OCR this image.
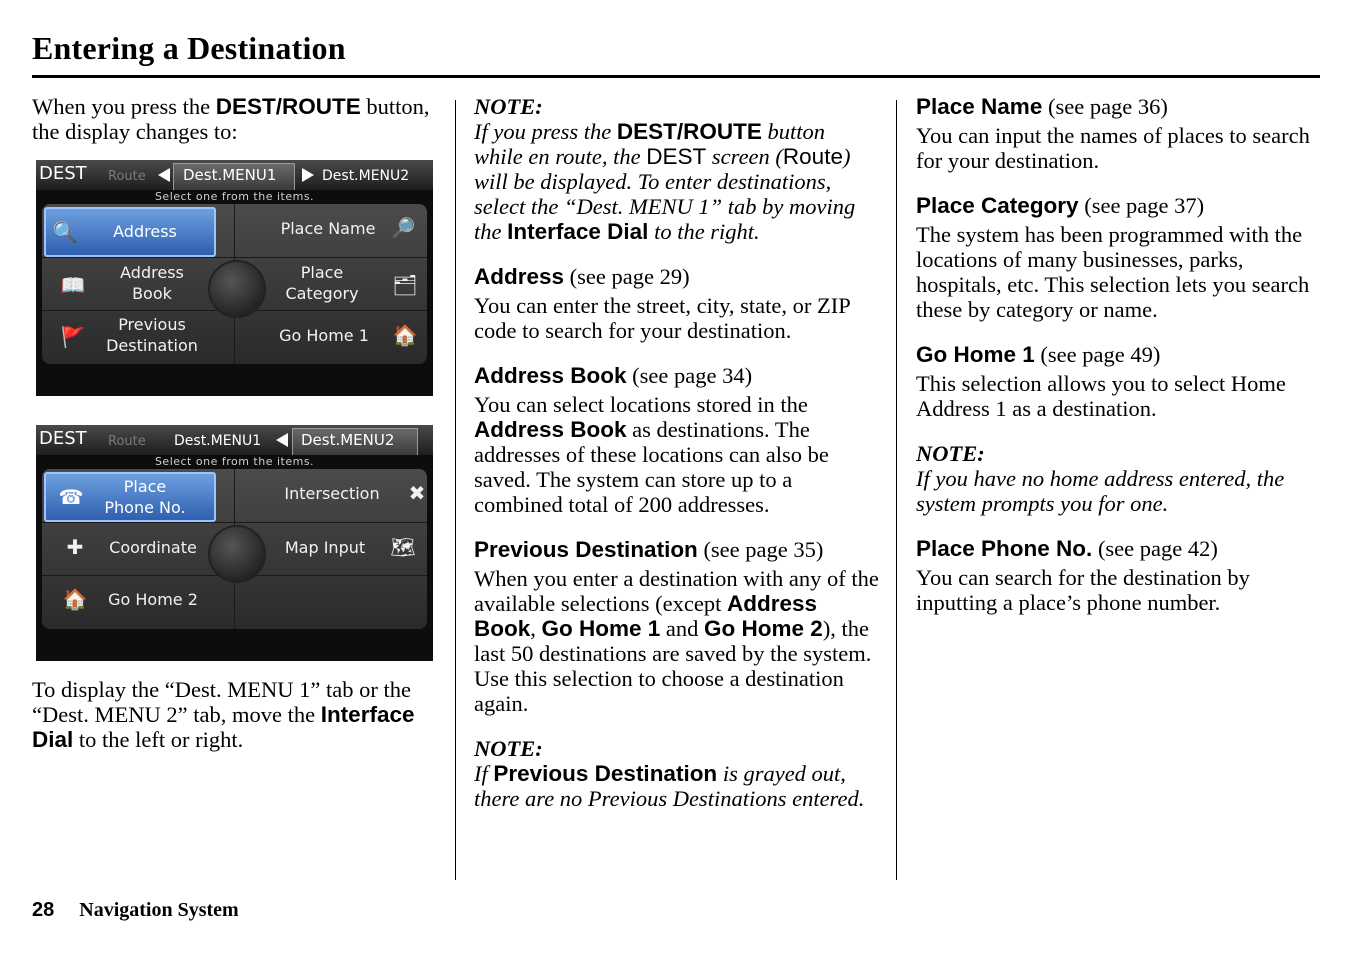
Entering a Destination

When you press the DEST/ROUTE button, the display changes to:

DEST Route Dest.MENU1	Dest.MENU2
Select one from the items.
🔍 Address	Place Name 🔎
📖
Address
Book
Place
Category	🗂
🚩
Previous
Destination
Go Home 1 🏠
DEST Route Dest.MENU1	Dest.MENU2
Select one from the items.
☎	Place
Phone No.
Intersection ✖
✚ Coordinate	Map Input 🗺
🏠 Go Home 2

To display the “Dest. MENU 1” tab or the “Dest. MENU 2” tab, move the Interface Dial to the left or right.

NOTE:

If you press the DEST/ROUTE button while en route, the DEST screen (Route) will be displayed. To enter destinations, select the “Dest. MENU 1” tab by moving the Interface Dial to the right.

Address (see page 29)

You can enter the street, city, state, or ZIP code to search for your destination.

Address Book (see page 34)

You can select locations stored in the Address Book as destinations. The addresses of these locations can also be saved. The system can store up to a combined total of 200 addresses.

Previous Destination (see page 35)

When you enter a destination with any of the available selections (except Address Book, Go Home 1 and Go Home 2), the last 50 destinations are saved by the system. Use this selection to choose a destination again.

NOTE:

If Previous Destination is grayed out, there are no Previous Destinations entered.

Place Name (see page 36)

You can input the names of places to search for your destination.

Place Category (see page 37)

The system has been programmed with the locations of many businesses, parks, hospitals, etc. This selection lets you search these by category or name.

Go Home 1 (see page 49)

This selection allows you to select Home Address 1 as a destination.

NOTE:

If you have no home address entered, the system prompts you for one.

Place Phone No. (see page 42)

You can search for the destination by inputting a place’s phone number.

28 Navigation System
